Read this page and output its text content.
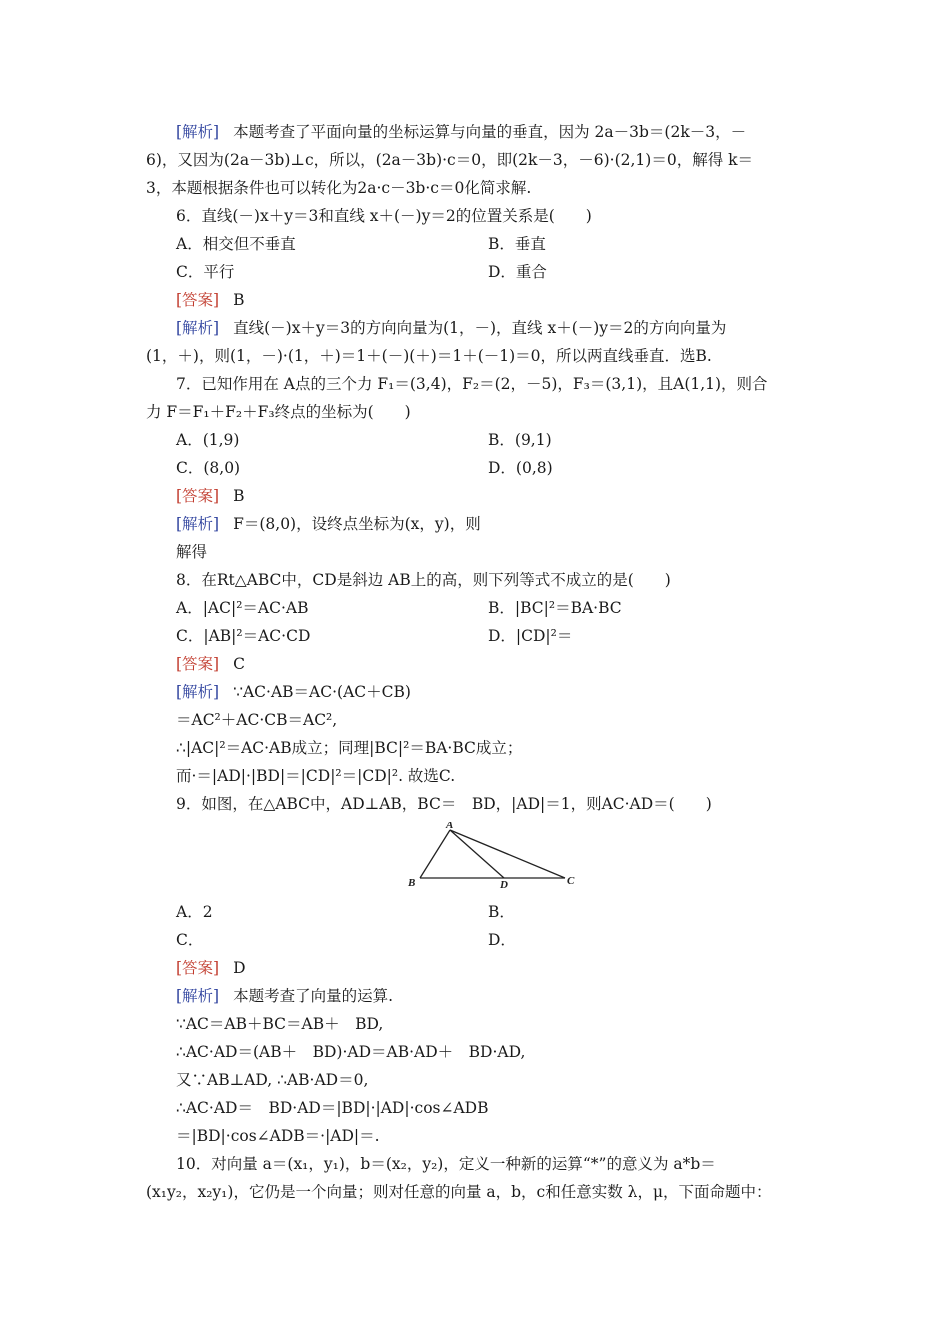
[解析] 本题考查了平面向量的坐标运算与向量的垂直，因为 2a－3b＝(2k－3，－
6)，又因为(2a－3b)⊥c，所以，(2a－3b)·c＝0，即(2k－3，－6)·(2,1)＝0，解得 k＝
3，本题根据条件也可以转化为2a·c－3b·c＝0化简求解.
6．直线(－)x＋y＝3和直线 x＋(－)y＝2的位置关系是(　　)
A．相交但不垂直	B．垂直
C．平行	D．重合
[答案] B
[解析] 直线(－)x＋y＝3的方向向量为(1，－)，直线 x＋(－)y＝2的方向向量为
(1，＋)，则(1，－)·(1，＋)＝1＋(－)(＋)＝1＋(－1)＝0，所以两直线垂直．选B.
7．已知作用在 A点的三个力 F₁＝(3,4)，F₂＝(2，－5)，F₃＝(3,1)，且A(1,1)，则合
力 F＝F₁＋F₂＋F₃终点的坐标为(　　)
A．(1,9)	B．(9,1)
C．(8,0)	D．(0,8)
[答案] B
[解析] F＝(8,0)，设终点坐标为(x，y)，则
解得
8．在Rt△ABC中，CD是斜边 AB上的高，则下列等式不成立的是(　　)
A．|AC|²＝AC·AB	B．|BC|²＝BA·BC
C．|AB|²＝AC·CD	D．|CD|²＝
[答案] C
[解析] ∵AC·AB＝AC·(AC＋CB)
＝AC²＋AC·CB＝AC²,
∴|AC|²＝AC·AB成立；同理|BC|²＝BA·BC成立；
而·＝|AD|·|BD|＝|CD|²＝|CD|². 故选C.
9．如图，在△ABC中，AD⊥AB，BC＝　BD，|AD|＝1，则AC·AD＝(　　)
A
B	D	C
A．2	B．
C．	D．
[答案] D
[解析] 本题考查了向量的运算.
∵AC＝AB＋BC＝AB＋　BD,
∴AC·AD＝(AB＋　BD)·AD＝AB·AD＋　BD·AD,
又∵AB⊥AD, ∴AB·AD＝0,
∴AC·AD＝　BD·AD＝|BD|·|AD|·cos∠ADB
＝|BD|·cos∠ADB＝·|AD|＝.
10．对向量 a＝(x₁，y₁)，b＝(x₂，y₂)，定义一种新的运算“*”的意义为 a*b＝
(x₁y₂，x₂y₁)，它仍是一个向量；则对任意的向量 a，b，c和任意实数 λ，μ，下面命题中：
